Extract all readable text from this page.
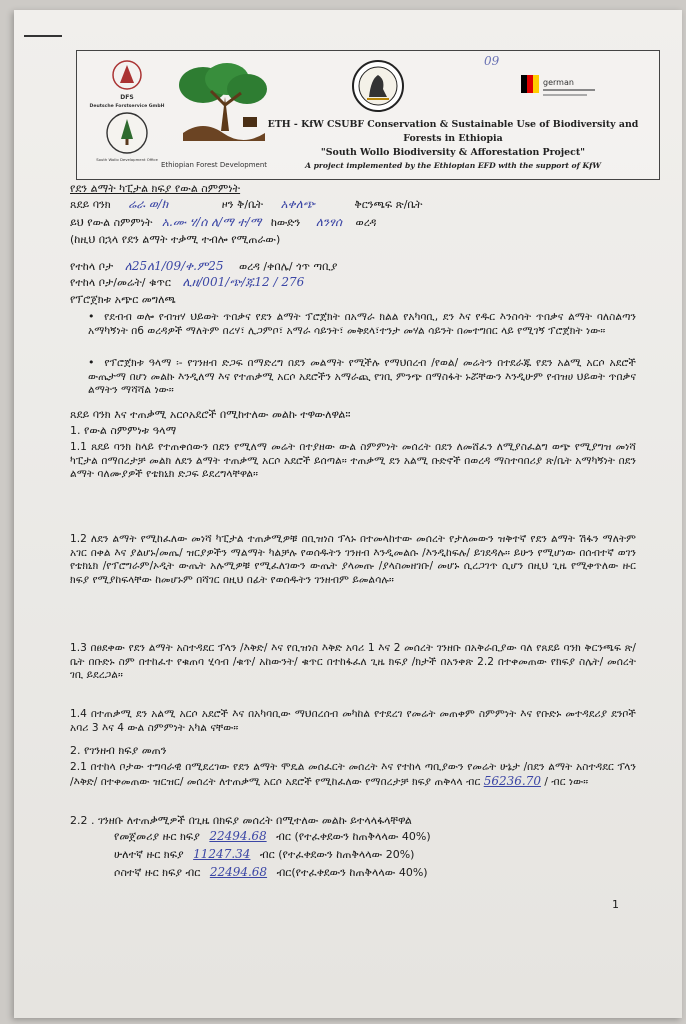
09
DFS
Deutsche Forstservice GmbH
South Wollo Development Office
german
ETH - KfW CSUBF Conservation & Sustainable Use of Biodiversity and
Forests in Ethiopia
"South Wollo Biodiversity & Afforestation Project"
A project implemented by the Ethiopian EFD with the support of KfW
Ethiopian Forest Development
የደን ልማት ካፒታል ክፍያ የውል ስምምነት
ጸደይ ባንክ ሬራ ወ/ክ	ዞን ቅ/ቤት አቀለጭ	ቅርንጫፍ ጽ/ቤት
ይህ የውል ስምምነት አ.ሙ ሃ/ሰ ለ/ማ ተ/ማ ከውድን ለንፃሰ ወረዳ
(ከዚህ በኋላ የደን ልማት ተቃሚ ተብሎ የሚጠራው)
የተከላ ቦታ ለ25ለ1/09/ቀ.ም25 ወረዳ /ቀበሌ/ ጎጥ ጣቢያ
የተከላ ቦታ/መሬት/ ቁጥር ሊዘ/001/ጭ/ጁ12 / 276
የፕሮጀክቱ አጭር መግለጫ
•  የደብብ ወሎ የብዝሃ ህይወት ጥበቃና የደን ልማት ፕሮጀክት በአማራ ክልል የአካባቢ, ደን እና የዱር እንስሳት ጥበቃና ልማት ባለስልጣን አማካኝነት በ6 ወረዳዎች ማለትም በረሃ፣ ሊጋምቦ፣ አማራ ሳይንት፣ መቅደላ፣ተንታ መሃል ሳይንት በመተግበር ላይ የሚገኝ ፕሮጀክት ነው።
•  የፕሮጀክቱ ዓላማ ፡- የገንዘብ ድጋፍ በማድረግ በደን መልማት የሚችሉ የማህበረብ /የወል/ መሬትን በተደራጁ የደን አልሚ አርሶ አደሮች ውጤታማ በሆነ መልኩ እንዲለማ እና የተጠቃሚ አርሶ አደሮችን አማራጪ የገቢ ምንጭ በማስፋት ኑሯቸውን እንዲሁም የብዝሀ ህይወት ጥበቃና ልማትን ማሻሻል ነው።
ጸደይ ባንክ እና ተጠቃሚ አርሶአደሮች በሚከተለው መልኩ ተዋውለዋል።
1. የውል ስምምነቱ ዓላማ
1.1 ጸደይ ባንክ ከላይ የተጠቀሰውን በደን የሚለማ መሬት በተያዘው ውል ስምምነት መሰረት በደን ለመሸፈን ለሚያስፈልግ ወጭ የሚያግዝ መነሻ ካፒታል በማበረታቻ መልክ ለደን ልማት ተጠቃሚ አርሶ አደሮች ይሰጣል። ተጠቃሚ ደን አልሚ ቡድኖች በወረዳ ማስተባበሪያ ጽ/ቤት አማካኝነት በደን ልማት ባለሙያዎች የቴክኒክ ድጋፍ ይደረግላቸዋል።
1.2 ለደን ልማት የሚከፈለው መነሻ ካፒታል ተጠቃሚዎቹ በቢዝነስ ፕላኑ በተመላከተው መሰረት የታለመውን ዝቅተኛ የደን ልማት ሽፋን ማለትም አገር በቀል እና ያልሆኑ/መጤ/ ዝርያዎችን ማልማት ካልቻሉ የወሰዱትን ገንዘብ እንዲመልሱ /እንዲከፍሉ/ ይገደዳሉ። ይሁን የሚሆነው በሰብተኛ ወገን የቴክኒክ /የፕሮግራም/ኦዲት ውጤት አሉሚዎቹ የሚፈለገውን ውጤት ያላመጡ /ያላስመዘገቡ/ መሆኑ ሲረጋገጥ ሲሆን በዚህ ጊዜ የሚቀጥለው ዙር ክፍያ የሚያከፍላቸው ከመሆኑም በሻገር በዚህ በፊት የወሰዱትን ገንዘብም ይመልሳሉ።
1.3 በፀደቀው የደን ልማት አስተዳደር ፕላን /እቅድ/ እና የቢዝነስ እቅድ አባሪ 1 እና 2 መሰረት ገንዘቡ በአቅራቢያው ባለ የጸደይ ባንክ ቅርንጫፍ ጽ/ቤት በቡድኑ ስም በተከፈተ የቁጠባ ሂሳብ /ቁጥ/ አከውንት/ ቁጥር በተከፋፈለ ጊዜ ክፍያ /ክታች በአንቀጽ 2.2 በተቀመጠው የክፍያ ስሌት/ መሰረት ገቢ ይደረጋል።
1.4 በተጠቃሚ ደን አልሚ አርሶ አደሮች እና በአካባቢው ማህበረሰብ መካከል የተደረገ የመሬት መጠቀም ስምምነት እና የቡድኑ መተዳደሪያ ደንቦች አባሪ 3 እና 4 ውል ስምምነት አካል ናቸው።
2. የገንዘብ ክፍያ መጠን
2.1 በተከላ ቦታው ተግባራዊ በሚደረገው የደን ልማት ሞዴል መሰፈርት መሰረት እና የተከላ ጣቢያውን የመሬት ሁኔታ /በደን ልማት አስተዳደር ፕላን /እቅድ/ በተቀመጠው ዝርዝር/ መሰረት ለተጠቃሚ አርሶ አደሮች የሚከፈለው የማበረታቻ ክፍያ ጠቅላላ ብር 56236.70 / ብር ነው።
2.2 . ገንዘቡ ለተጠቃሚዎች በጊዜ በክፍያ መሰረት በሚተለው መልኩ ይተላላፋላቸዋል
የመጀመሪያ ዙር ክፍያ 22494.68 ብር (የተፈቀደውን ከጠቅላላው 40%)
ሁለተኛ ዙር ክፍያ 11247.34 ብር (የተፈቀደውን ከጠቅላላው 20%)
ሶስተኛ ዙር ክፍያ ብር 22494.68 ብር(የተፈቀደውን ከጠቅላላው 40%)
1
